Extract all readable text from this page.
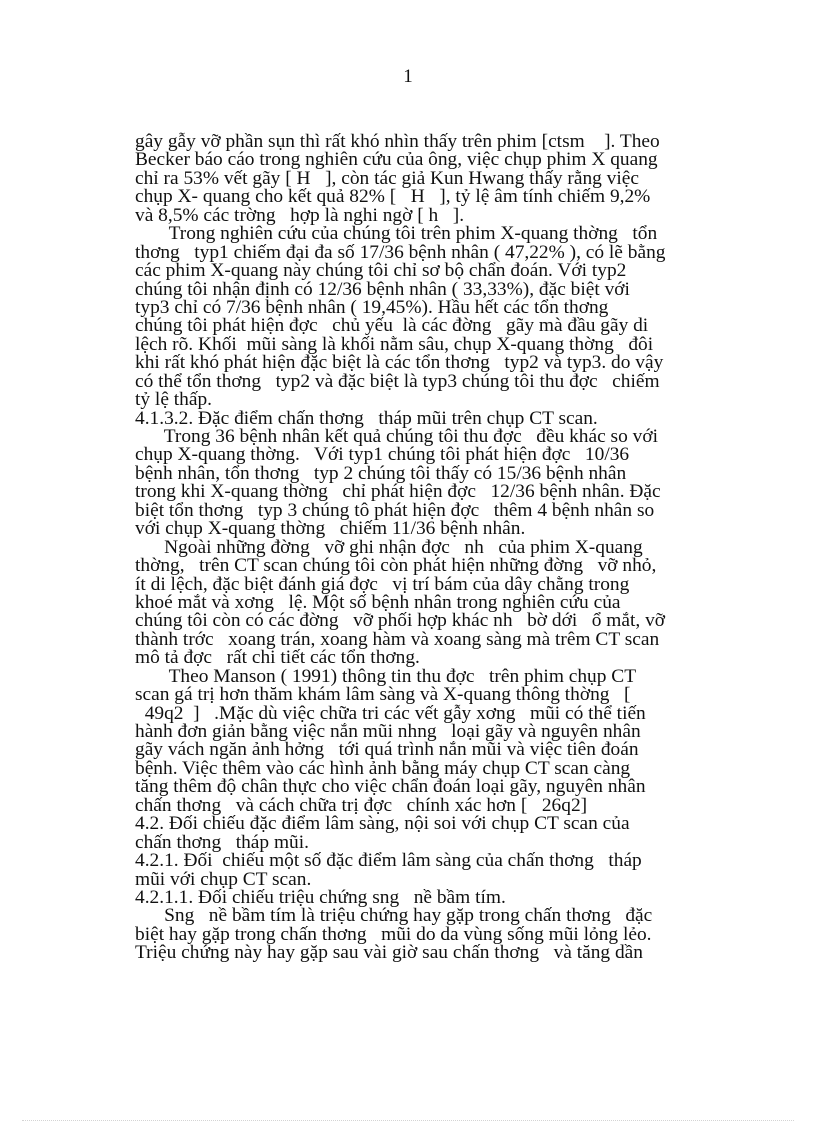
1
gây gẫy vỡ phần sụn thì rất khó nhìn thấy trên phim [ctsm    ]. Theo
Becker báo cáo trong nghiên cứu của ông, việc chụp phim X quang
chỉ ra 53% vết gãy [ H   ], còn tác giả Kun Hwang thấy rằng việc
chụp X- quang cho kết quả 82% [   H   ], tỷ lệ âm tính chiếm 9,2%
và 8,5% các trờng   hợp là nghi ngờ [ h   ].
Trong nghiên cứu của chúng tôi trên phim X-quang thờng   tổn
thơng   typ1 chiếm đại đa số 17/36 bệnh nhân ( 47,22% ), có lẽ bằng
các phim X-quang này chúng tôi chỉ sơ bộ chẩn đoán. Với typ2
chúng tôi nhận định có 12/36 bệnh nhân ( 33,33%), đặc biệt với
typ3 chỉ có 7/36 bệnh nhân ( 19,45%). Hầu hết các tổn thơng
chúng tôi phát hiện đợc   chủ yếu  là các đờng   gãy mà đầu gãy di
lệch rõ. Khối  mũi sàng là khối nằm sâu, chụp X-quang thờng   đôi
khi rất khó phát hiện đặc biệt là các tổn thơng   typ2 và typ3. do vậy
có thể tổn thơng   typ2 và đặc biệt là typ3 chúng tôi thu đợc   chiếm
tỷ lệ thấp.
4.1.3.2. Đặc điểm chấn thơng   tháp mũi trên chụp CT scan.
Trong 36 bệnh nhân kết quả chúng tôi thu đợc   đều khác so với
chụp X-quang thờng.   Với typ1 chúng tôi phát hiện đợc   10/36
bệnh nhân, tổn thơng   typ 2 chúng tôi thấy có 15/36 bệnh nhân
trong khi X-quang thờng   chỉ phát hiện đợc   12/36 bệnh nhân. Đặc
biệt tổn thơng   typ 3 chúng tô phát hiện đợc   thêm 4 bệnh nhân so
với chụp X-quang thờng   chiếm 11/36 bệnh nhân.
Ngoài những đờng   vỡ ghi nhận đợc   nh   của phim X-quang
thờng,   trên CT scan chúng tôi còn phát hiện những đờng   vỡ nhỏ,
ít di lệch, đặc biệt đánh giá đợc   vị trí bám của dây chằng trong
khoé mắt và xơng   lệ. Một số bệnh nhân trong nghiên cứu của
chúng tôi còn có các đờng   vỡ phối hợp khác nh   bờ dới   ổ mắt, vỡ
thành trớc   xoang trán, xoang hàm và xoang sàng mà trêm CT scan
mô tả đợc   rất chi tiết các tổn thơng.
Theo Manson ( 1991) thông tin thu đợc   trên phim chụp CT
scan gá trị hơn thăm khám lâm sàng và X-quang thông thờng   [
49q2  ]   .Mặc dù việc chữa tri các vết gẫy xơng   mũi có thể tiến
hành đơn giản bằng việc nắn mũi nhng   loại gãy và nguyên nhân
gãy vách ngăn ảnh hởng   tới quá trình nắn mũi và việc tiên đoán
bệnh. Việc thêm vào các hình ảnh bằng máy chụp CT scan càng
tăng thêm độ chân thực cho việc chẩn đoán loại gãy, nguyên nhân
chấn thơng   và cách chữa trị đợc   chính xác hơn [   26q2]
4.2. Đối chiếu đặc điểm lâm sàng, nội soi với chụp CT scan của
chấn thơng   tháp mũi.
4.2.1. Đối  chiếu một số đặc điểm lâm sàng của chấn thơng   tháp
mũi với chụp CT scan.
4.2.1.1. Đối chiếu triệu chứng sng   nề bầm tím.
Sng   nề bầm tím là triệu chứng hay gặp trong chấn thơng   đặc
biệt hay gặp trong chấn thơng   mũi do da vùng sống mũi lỏng lẻo.
Triệu chứng này hay gặp sau vài giờ sau chấn thơng   và tăng dần
